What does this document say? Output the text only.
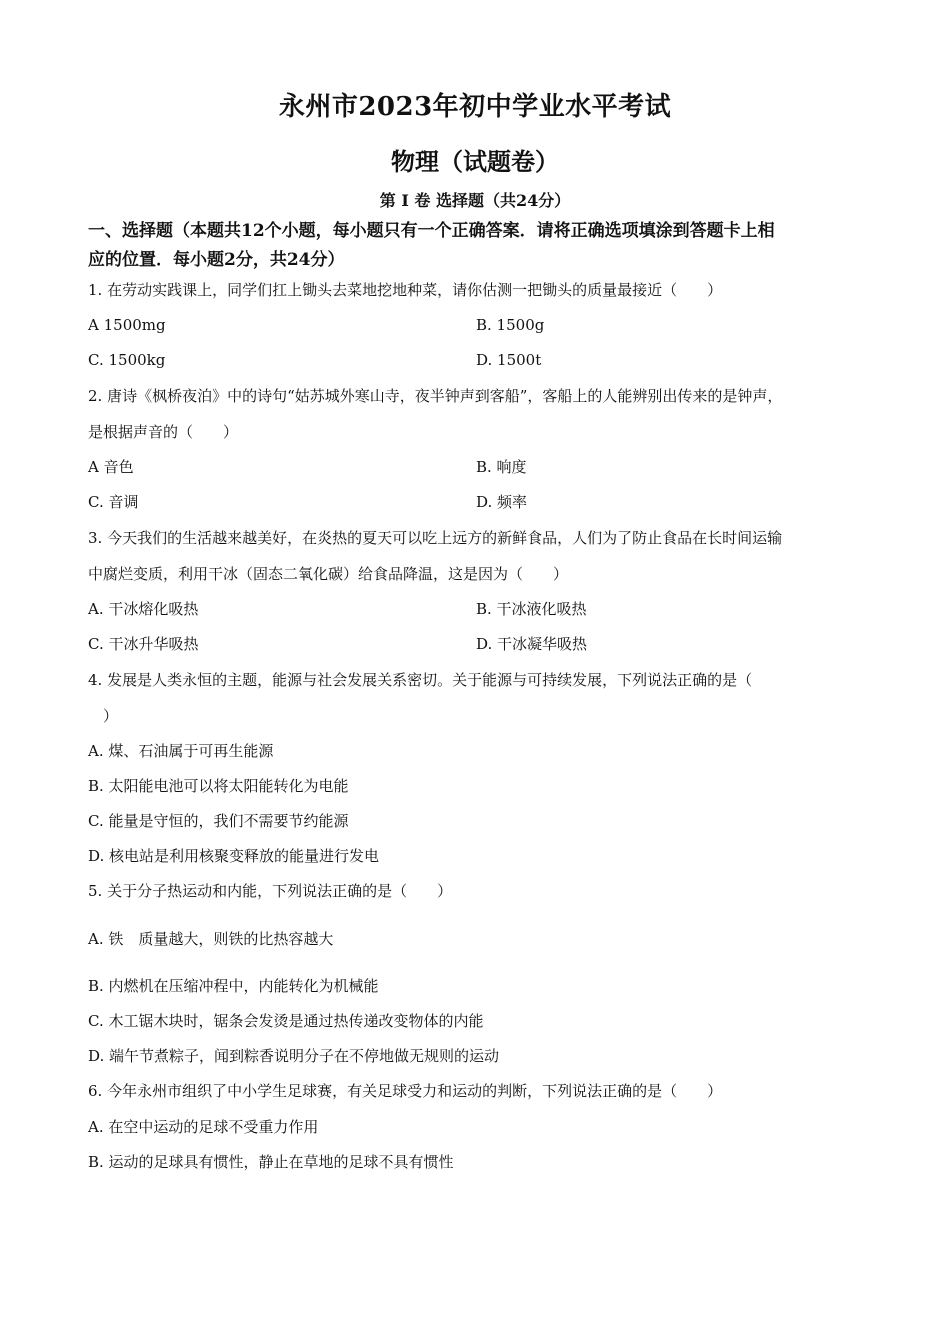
永州市2023年初中学业水平考试
物理（试题卷）
第 Ⅰ 卷 选择题（共24分）
一、选择题（本题共12个小题，每小题只有一个正确答案．请将正确选项填涂到答题卡上相
应的位置．每小题2分，共24分）
1. 在劳动实践课上，同学们扛上锄头去菜地挖地种菜，请你估测一把锄头的质量最接近（　　）
A 1500mg	B. 1500g
C. 1500kg	D. 1500t
2. 唐诗《枫桥夜泊》中的诗句“姑苏城外寒山寺，夜半钟声到客船”，客船上的人能辨别出传来的是钟声，
是根据声音的（　　）
A 音色	B. 响度
C. 音调	D. 频率
3. 今天我们的生活越来越美好，在炎热的夏天可以吃上远方的新鲜食品，人们为了防止食品在长时间运输
中腐烂变质，利用干冰（固态二氧化碳）给食品降温，这是因为（　　）
A. 干冰熔化吸热	B. 干冰液化吸热
C. 干冰升华吸热	D. 干冰凝华吸热
4. 发展是人类永恒的主题，能源与社会发展关系密切。关于能源与可持续发展，下列说法正确的是（
　）
A. 煤、石油属于可再生能源
B. 太阳能电池可以将太阳能转化为电能
C. 能量是守恒的，我们不需要节约能源
D. 核电站是利用核聚变释放的能量进行发电
5. 关于分子热运动和内能，下列说法正确的是（　　）
A. 铁　质量越大，则铁的比热容越大
B. 内燃机在压缩冲程中，内能转化为机械能
C. 木工锯木块时，锯条会发烫是通过热传递改变物体的内能
D. 端午节煮粽子，闻到粽香说明分子在不停地做无规则的运动
6. 今年永州市组织了中小学生足球赛，有关足球受力和运动的判断，下列说法正确的是（　　）
A. 在空中运动的足球不受重力作用
B. 运动的足球具有惯性，静止在草地的足球不具有惯性
